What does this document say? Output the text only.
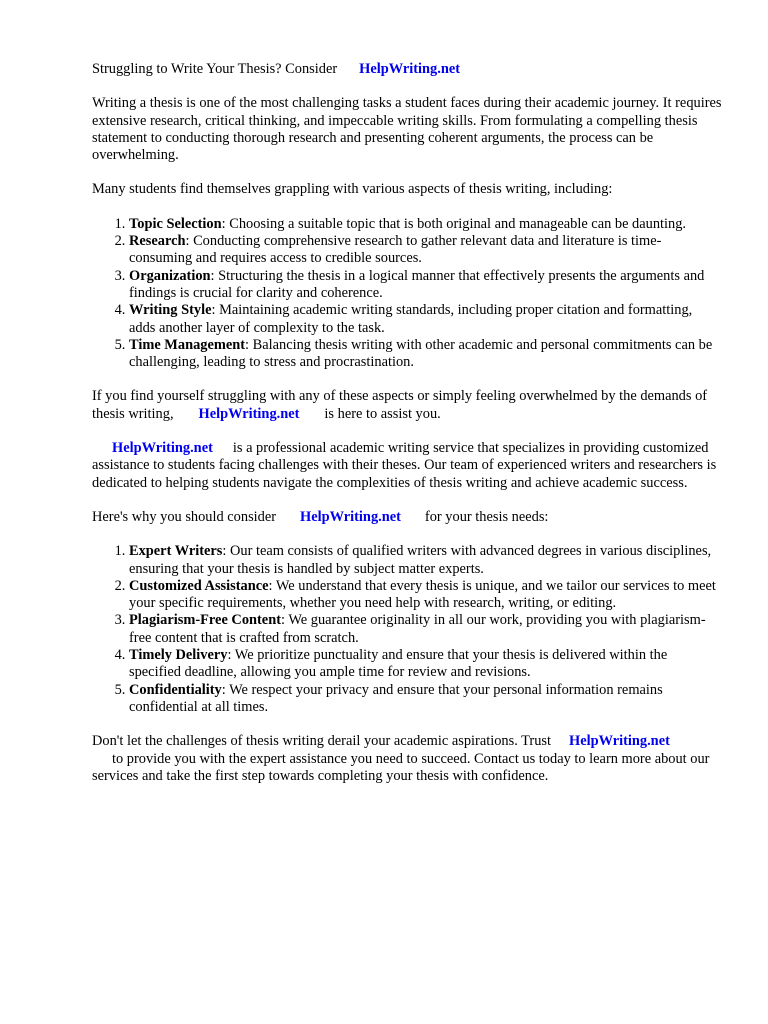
Struggling to Write Your Thesis? Consider HelpWriting.net

Writing a thesis is one of the most challenging tasks a student faces during their academic journey. It requires extensive research, critical thinking, and impeccable writing skills. From formulating a compelling thesis statement to conducting thorough research and presenting coherent arguments, the process can be overwhelming.

Many students find themselves grappling with various aspects of thesis writing, including:

1. Topic Selection: Choosing a suitable topic that is both original and manageable can be daunting.
2. Research: Conducting comprehensive research to gather relevant data and literature is time-consuming and requires access to credible sources.
3. Organization: Structuring the thesis in a logical manner that effectively presents the arguments and findings is crucial for clarity and coherence.
4. Writing Style: Maintaining academic writing standards, including proper citation and formatting, adds another layer of complexity to the task.
5. Time Management: Balancing thesis writing with other academic and personal commitments can be challenging, leading to stress and procrastination.

If you find yourself struggling with any of these aspects or simply feeling overwhelmed by the demands of thesis writing, HelpWriting.net is here to assist you.

HelpWriting.net is a professional academic writing service that specializes in providing customized assistance to students facing challenges with their theses. Our team of experienced writers and researchers is dedicated to helping students navigate the complexities of thesis writing and achieve academic success.

Here's why you should consider HelpWriting.net for your thesis needs:

1. Expert Writers: Our team consists of qualified writers with advanced degrees in various disciplines, ensuring that your thesis is handled by subject matter experts.
2. Customized Assistance: We understand that every thesis is unique, and we tailor our services to meet your specific requirements, whether you need help with research, writing, or editing.
3. Plagiarism-Free Content: We guarantee originality in all our work, providing you with plagiarism-free content that is crafted from scratch.
4. Timely Delivery: We prioritize punctuality and ensure that your thesis is delivered within the specified deadline, allowing you ample time for review and revisions.
5. Confidentiality: We respect your privacy and ensure that your personal information remains confidential at all times.

Don't let the challenges of thesis writing derail your academic aspirations. Trust HelpWriting.net
to provide you with the expert assistance you need to succeed. Contact us today to learn more about our services and take the first step towards completing your thesis with confidence.
